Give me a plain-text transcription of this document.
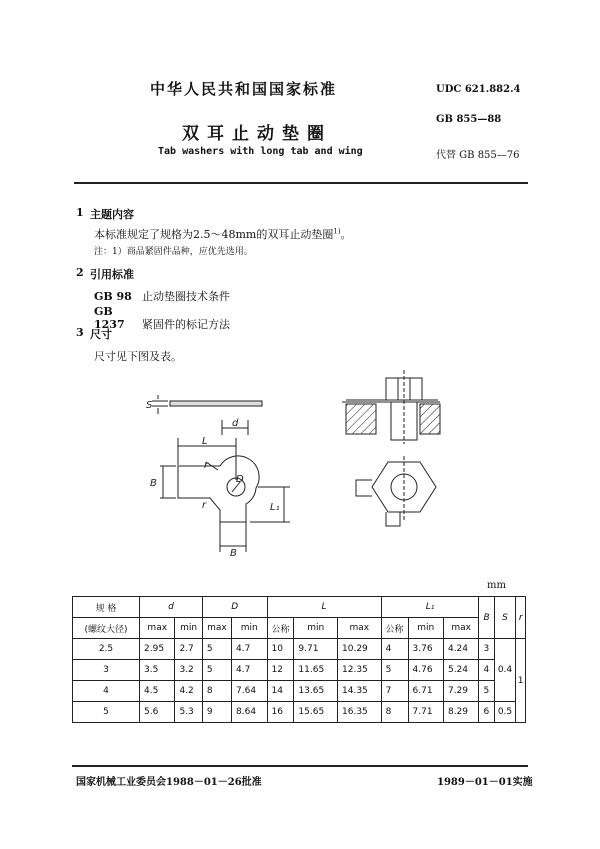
中华人民共和国国家标准	UDC 621.882.4
双耳止动垫圈
GB 855—88
Tab washers with long tab and wing	代替 GB 855—76
1 主题内容
本标准规定了规格为2.5～48mm的双耳止动垫圈$^{1)}$。
注：1）商品紧固件品种，应优先选用。
2 引用标准
GB 98 止动垫圈技术条件
GB 1237 紧固件的标记方法
3 尺寸
尺寸见下图及表。
S
d
L
r
B	D
r	L₁
B
mm
规 格	d		D		L			L₁			B	S	r
(螺纹大径)	max	min	max	min	公称	min	max	公称	min	max			
2.5	2.95	2.7	5	4.7	10	9.71	10.29	4	3.76	4.24	3	0.4	1
3	3.5	3.2	5	4.7	12	11.65	12.35	5	4.76	5.24	4		
4	4.5	4.2	8	7.64	14	13.65	14.35	7	6.71	7.29	5		
5	5.6	5.3	9	8.64	16	15.65	16.35	8	7.71	8.29	6	0.5	
国家机械工业委员会1988－01－26批准	1989－01－01实施
